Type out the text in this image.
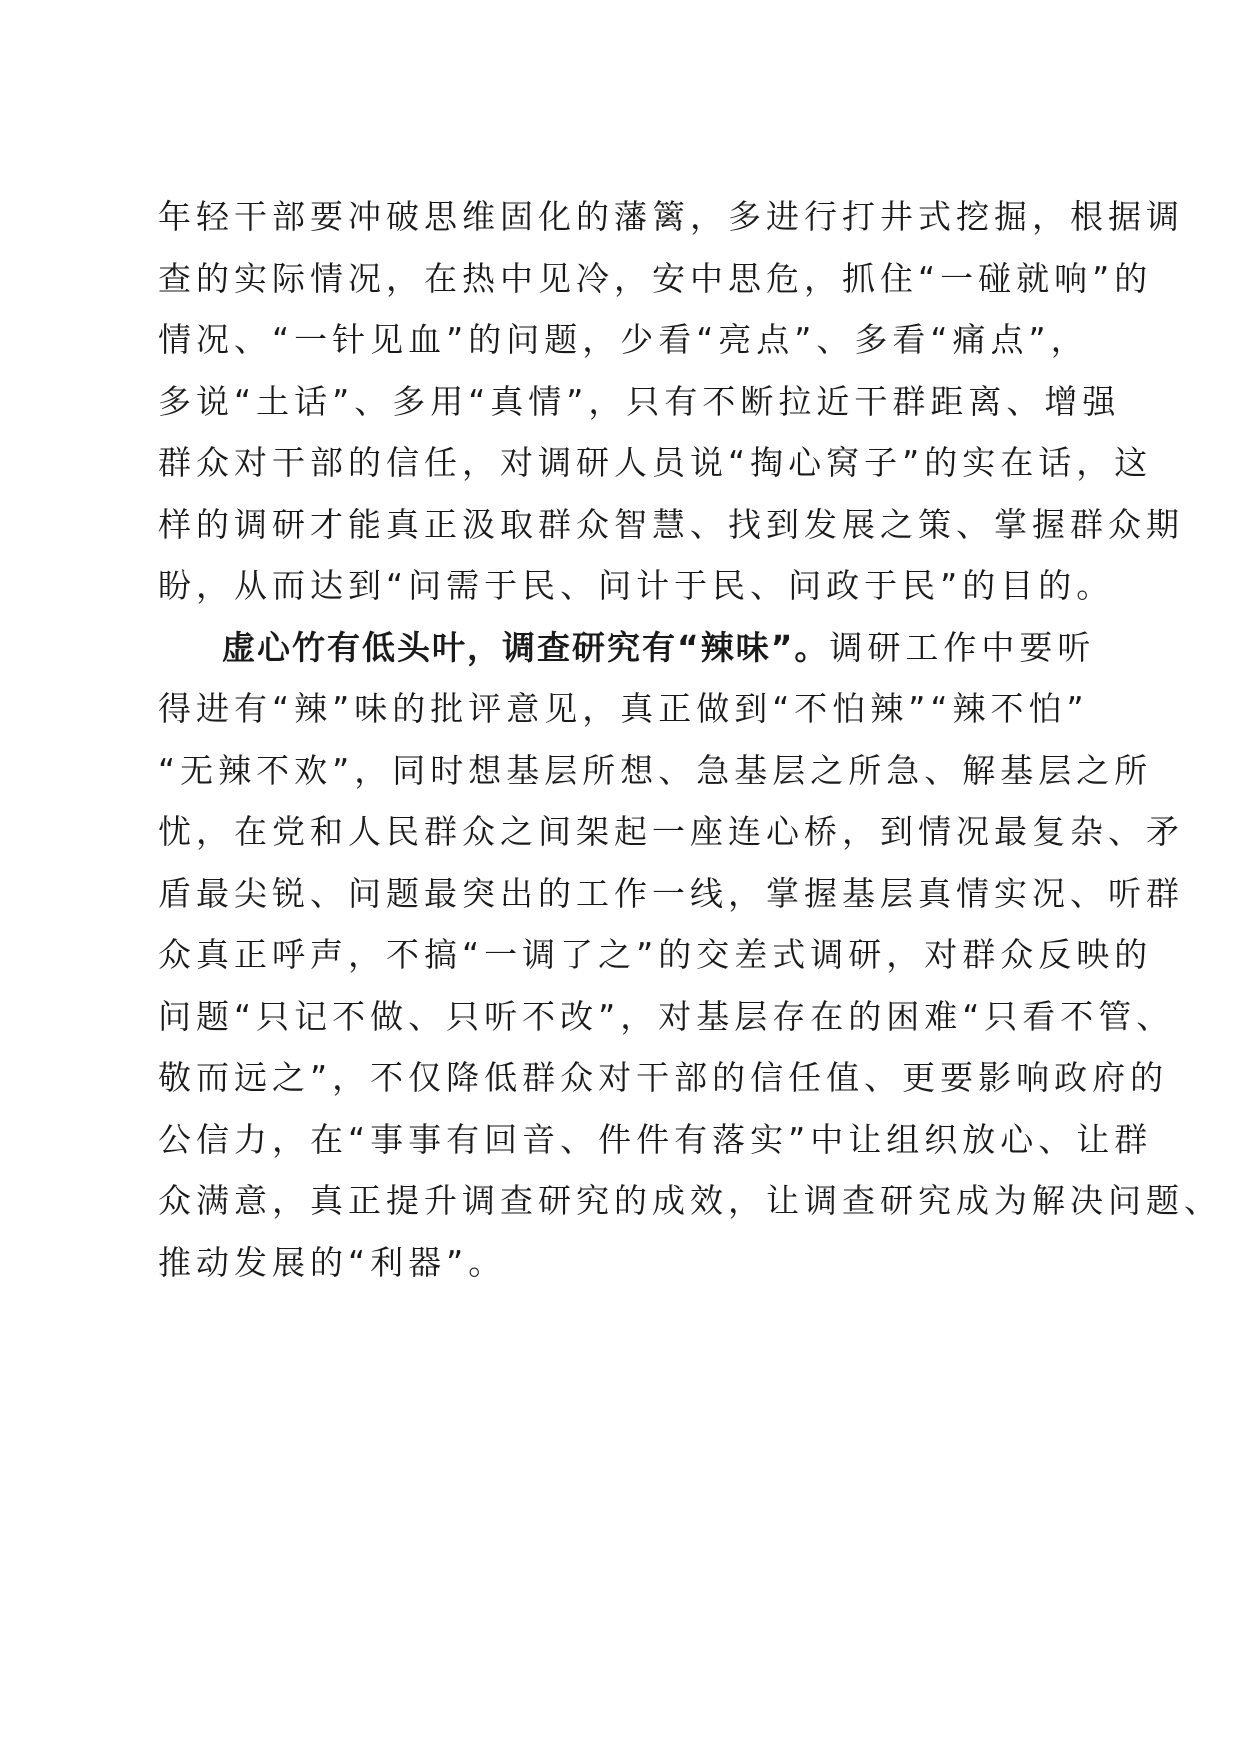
年轻干部要冲破思维固化的藩篱，多进行打井式挖掘，根据调
查的实际情况，在热中见冷，安中思危，抓住“一碰就响”的
情况、“一针见血”的问题，少看“亮点”、多看“痛点”，
多说“土话”、多用“真情”，只有不断拉近干群距离、增强
群众对干部的信任，对调研人员说“掏心窝子”的实在话，这
样的调研才能真正汲取群众智慧、找到发展之策、掌握群众期
盼，从而达到“问需于民、问计于民、问政于民”的目的。
虚心竹有低头叶，调查研究有“辣味”。调研工作中要听
得进有“辣”味的批评意见，真正做到“不怕辣”“辣不怕”
“无辣不欢”，同时想基层所想、急基层之所急、解基层之所
忧，在党和人民群众之间架起一座连心桥，到情况最复杂、矛
盾最尖锐、问题最突出的工作一线，掌握基层真情实况、听群
众真正呼声，不搞“一调了之”的交差式调研，对群众反映的
问题“只记不做、只听不改”，对基层存在的困难“只看不管、
敬而远之”，不仅降低群众对干部的信任值、更要影响政府的
公信力，在“事事有回音、件件有落实”中让组织放心、让群
众满意，真正提升调查研究的成效，让调查研究成为解决问题、
推动发展的“利器”。
